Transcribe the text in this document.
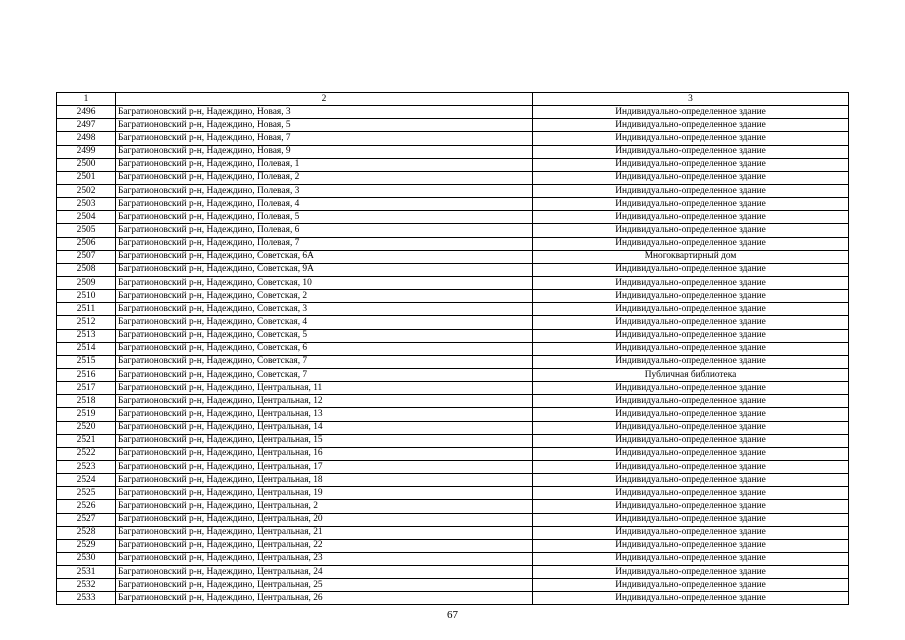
1	2	3
2496	Багратионовский р-н, Надеждино, Новая, 3	Индивидуально-определенное здание
2497	Багратионовский р-н, Надеждино, Новая, 5	Индивидуально-определенное здание
2498	Багратионовский р-н, Надеждино, Новая, 7	Индивидуально-определенное здание
2499	Багратионовский р-н, Надеждино, Новая, 9	Индивидуально-определенное здание
2500	Багратионовский р-н, Надеждино, Полевая, 1	Индивидуально-определенное здание
2501	Багратионовский р-н, Надеждино, Полевая, 2	Индивидуально-определенное здание
2502	Багратионовский р-н, Надеждино, Полевая, 3	Индивидуально-определенное здание
2503	Багратионовский р-н, Надеждино, Полевая, 4	Индивидуально-определенное здание
2504	Багратионовский р-н, Надеждино, Полевая, 5	Индивидуально-определенное здание
2505	Багратионовский р-н, Надеждино, Полевая, 6	Индивидуально-определенное здание
2506	Багратионовский р-н, Надеждино, Полевая, 7	Индивидуально-определенное здание
2507	Багратионовский р-н, Надеждино, Советская, 6А	Многоквартирный дом
2508	Багратионовский р-н, Надеждино, Советская, 9А	Индивидуально-определенное здание
2509	Багратионовский р-н, Надеждино, Советская, 10	Индивидуально-определенное здание
2510	Багратионовский р-н, Надеждино, Советская, 2	Индивидуально-определенное здание
2511	Багратионовский р-н, Надеждино, Советская, 3	Индивидуально-определенное здание
2512	Багратионовский р-н, Надеждино, Советская, 4	Индивидуально-определенное здание
2513	Багратионовский р-н, Надеждино, Советская, 5	Индивидуально-определенное здание
2514	Багратионовский р-н, Надеждино, Советская, 6	Индивидуально-определенное здание
2515	Багратионовский р-н, Надеждино, Советская, 7	Индивидуально-определенное здание
2516	Багратионовский р-н, Надеждино, Советская, 7	Публичная библиотека
2517	Багратионовский р-н, Надеждино, Центральная, 11	Индивидуально-определенное здание
2518	Багратионовский р-н, Надеждино, Центральная, 12	Индивидуально-определенное здание
2519	Багратионовский р-н, Надеждино, Центральная, 13	Индивидуально-определенное здание
2520	Багратионовский р-н, Надеждино, Центральная, 14	Индивидуально-определенное здание
2521	Багратионовский р-н, Надеждино, Центральная, 15	Индивидуально-определенное здание
2522	Багратионовский р-н, Надеждино, Центральная, 16	Индивидуально-определенное здание
2523	Багратионовский р-н, Надеждино, Центральная, 17	Индивидуально-определенное здание
2524	Багратионовский р-н, Надеждино, Центральная, 18	Индивидуально-определенное здание
2525	Багратионовский р-н, Надеждино, Центральная, 19	Индивидуально-определенное здание
2526	Багратионовский р-н, Надеждино, Центральная, 2	Индивидуально-определенное здание
2527	Багратионовский р-н, Надеждино, Центральная, 20	Индивидуально-определенное здание
2528	Багратионовский р-н, Надеждино, Центральная, 21	Индивидуально-определенное здание
2529	Багратионовский р-н, Надеждино, Центральная, 22	Индивидуально-определенное здание
2530	Багратионовский р-н, Надеждино, Центральная, 23	Индивидуально-определенное здание
2531	Багратионовский р-н, Надеждино, Центральная, 24	Индивидуально-определенное здание
2532	Багратионовский р-н, Надеждино, Центральная, 25	Индивидуально-определенное здание
2533	Багратионовский р-н, Надеждино, Центральная, 26	Индивидуально-определенное здание
67
